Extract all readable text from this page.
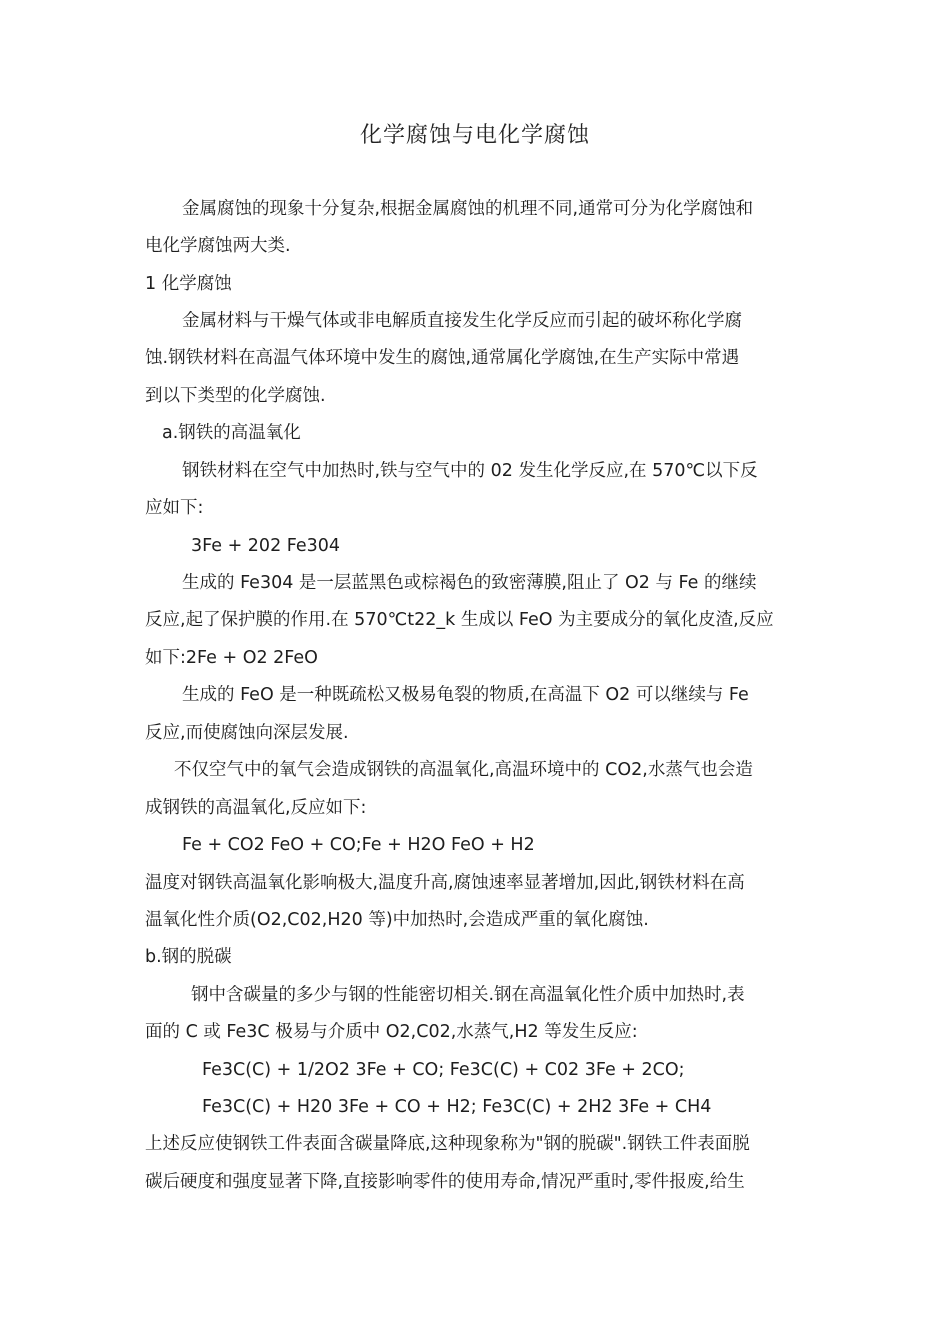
化学腐蚀与电化学腐蚀
金属腐蚀的现象十分复杂,根据金属腐蚀的机理不同,通常可分为化学腐蚀和
电化学腐蚀两大类.
1 化学腐蚀
金属材料与干燥气体或非电解质直接发生化学反应而引起的破坏称化学腐
蚀.钢铁材料在高温气体环境中发生的腐蚀,通常属化学腐蚀,在生产实际中常遇
到以下类型的化学腐蚀.
a.钢铁的高温氧化
钢铁材料在空气中加热时,铁与空气中的 02 发生化学反应,在 570℃以下反
应如下:
3Fe + 202 Fe304
生成的 Fe304 是一层蓝黑色或棕褐色的致密薄膜,阻止了 O2 与 Fe 的继续
反应,起了保护膜的作用.在 570℃t22_k 生成以 FeO 为主要成分的氧化皮渣,反应
如下:2Fe + O2 2FeO
生成的 FeO 是一种既疏松又极易龟裂的物质,在高温下 O2 可以继续与 Fe
反应,而使腐蚀向深层发展.
不仅空气中的氧气会造成钢铁的高温氧化,高温环境中的 CO2,水蒸气也会造
成钢铁的高温氧化,反应如下:
Fe + CO2 FeO + CO;Fe + H2O FeO + H2
温度对钢铁高温氧化影响极大,温度升高,腐蚀速率显著增加,因此,钢铁材料在高
温氧化性介质(O2,C02,H20 等)中加热时,会造成严重的氧化腐蚀.
b.钢的脱碳
钢中含碳量的多少与钢的性能密切相关.钢在高温氧化性介质中加热时,表
面的 C 或 Fe3C 极易与介质中 O2,C02,水蒸气,H2 等发生反应:
Fe3C(C) + 1/2O2 3Fe + CO; Fe3C(C) + C02 3Fe + 2CO;
Fe3C(C) + H20 3Fe + CO + H2; Fe3C(C) + 2H2 3Fe + CH4
上述反应使钢铁工件表面含碳量降底,这种现象称为"钢的脱碳".钢铁工件表面脱
碳后硬度和强度显著下降,直接影响零件的使用寿命,情况严重时,零件报废,给生
